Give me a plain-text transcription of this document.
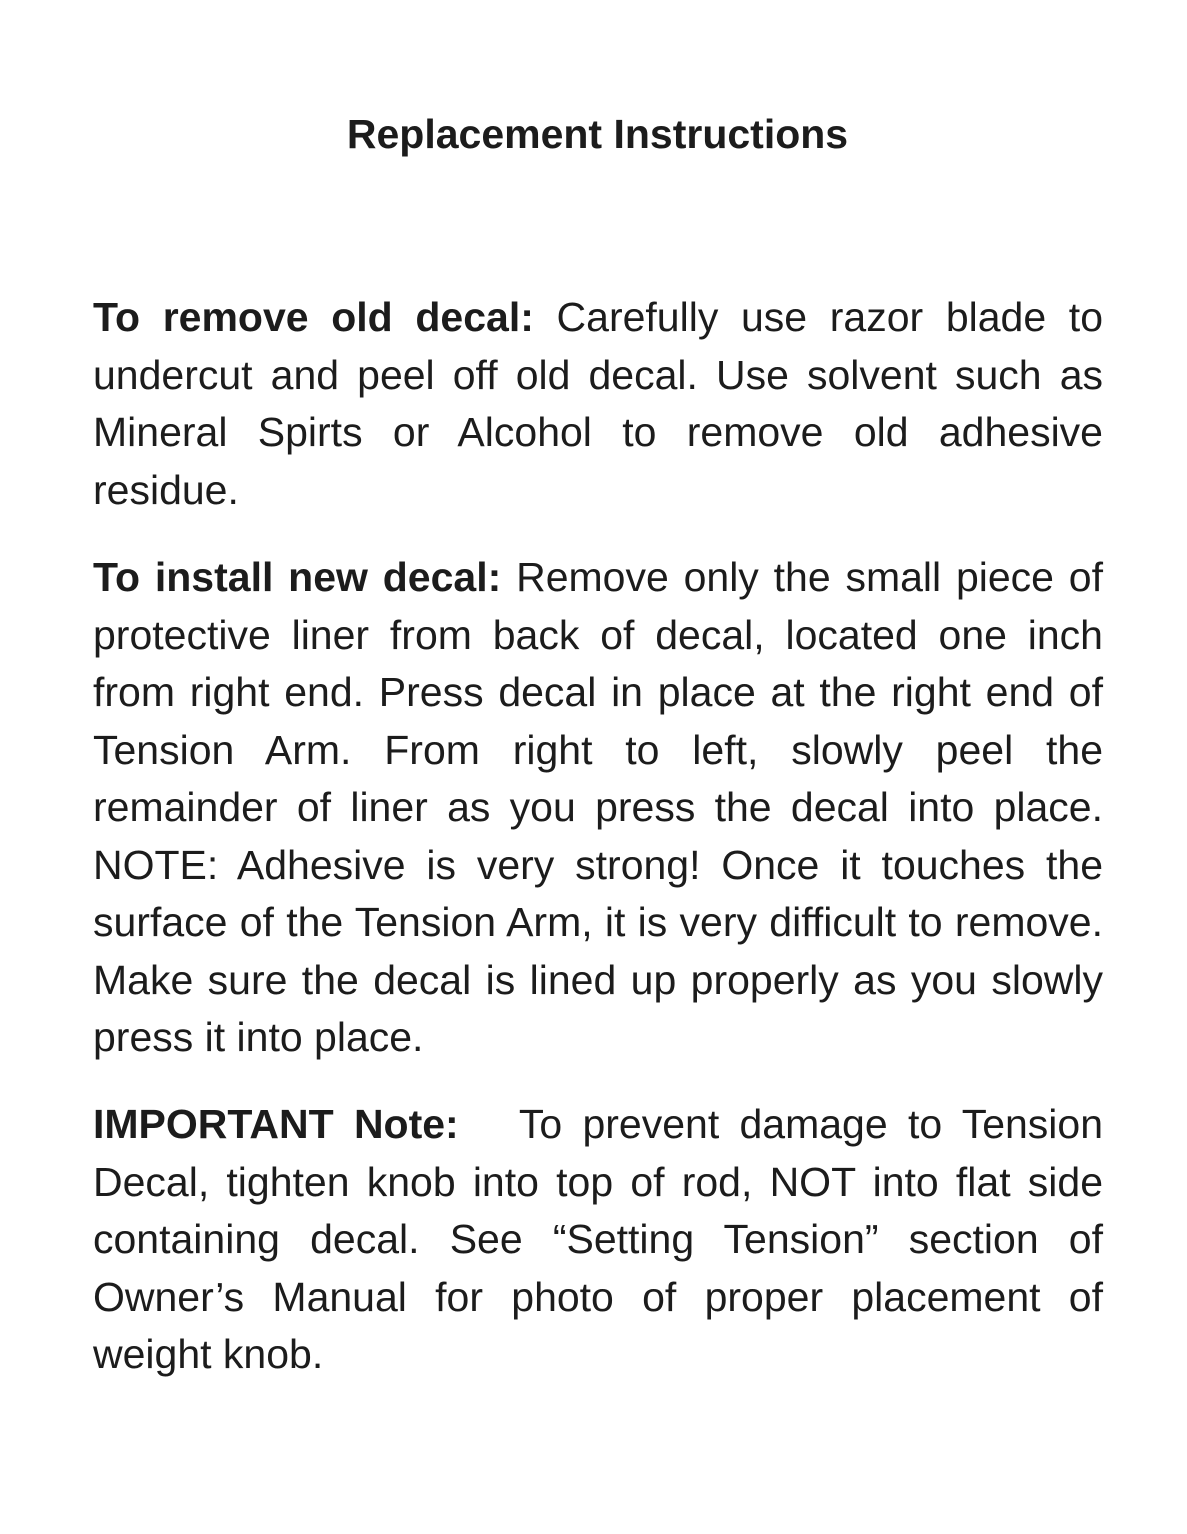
Replacement Instructions

To remove old decal: Carefully use razor blade to undercut and peel off old decal. Use solvent such as Mineral Spirts or Alcohol to remove old adhesive residue.

To install new decal: Remove only the small piece of protective liner from back of decal, located one inch from right end. Press decal in place at the right end of Tension Arm. From right to left, slowly peel the remainder of liner as you press the decal into place. NOTE: Adhesive is very strong! Once it touches the surface of the Tension Arm, it is very difficult to remove. Make sure the decal is lined up properly as you slowly press it into place.

IMPORTANT Note: To prevent damage to Tension Decal, tighten knob into top of rod, NOT into flat side containing decal. See “Setting Tension” section of Owner’s Manual for photo of proper placement of weight knob.
